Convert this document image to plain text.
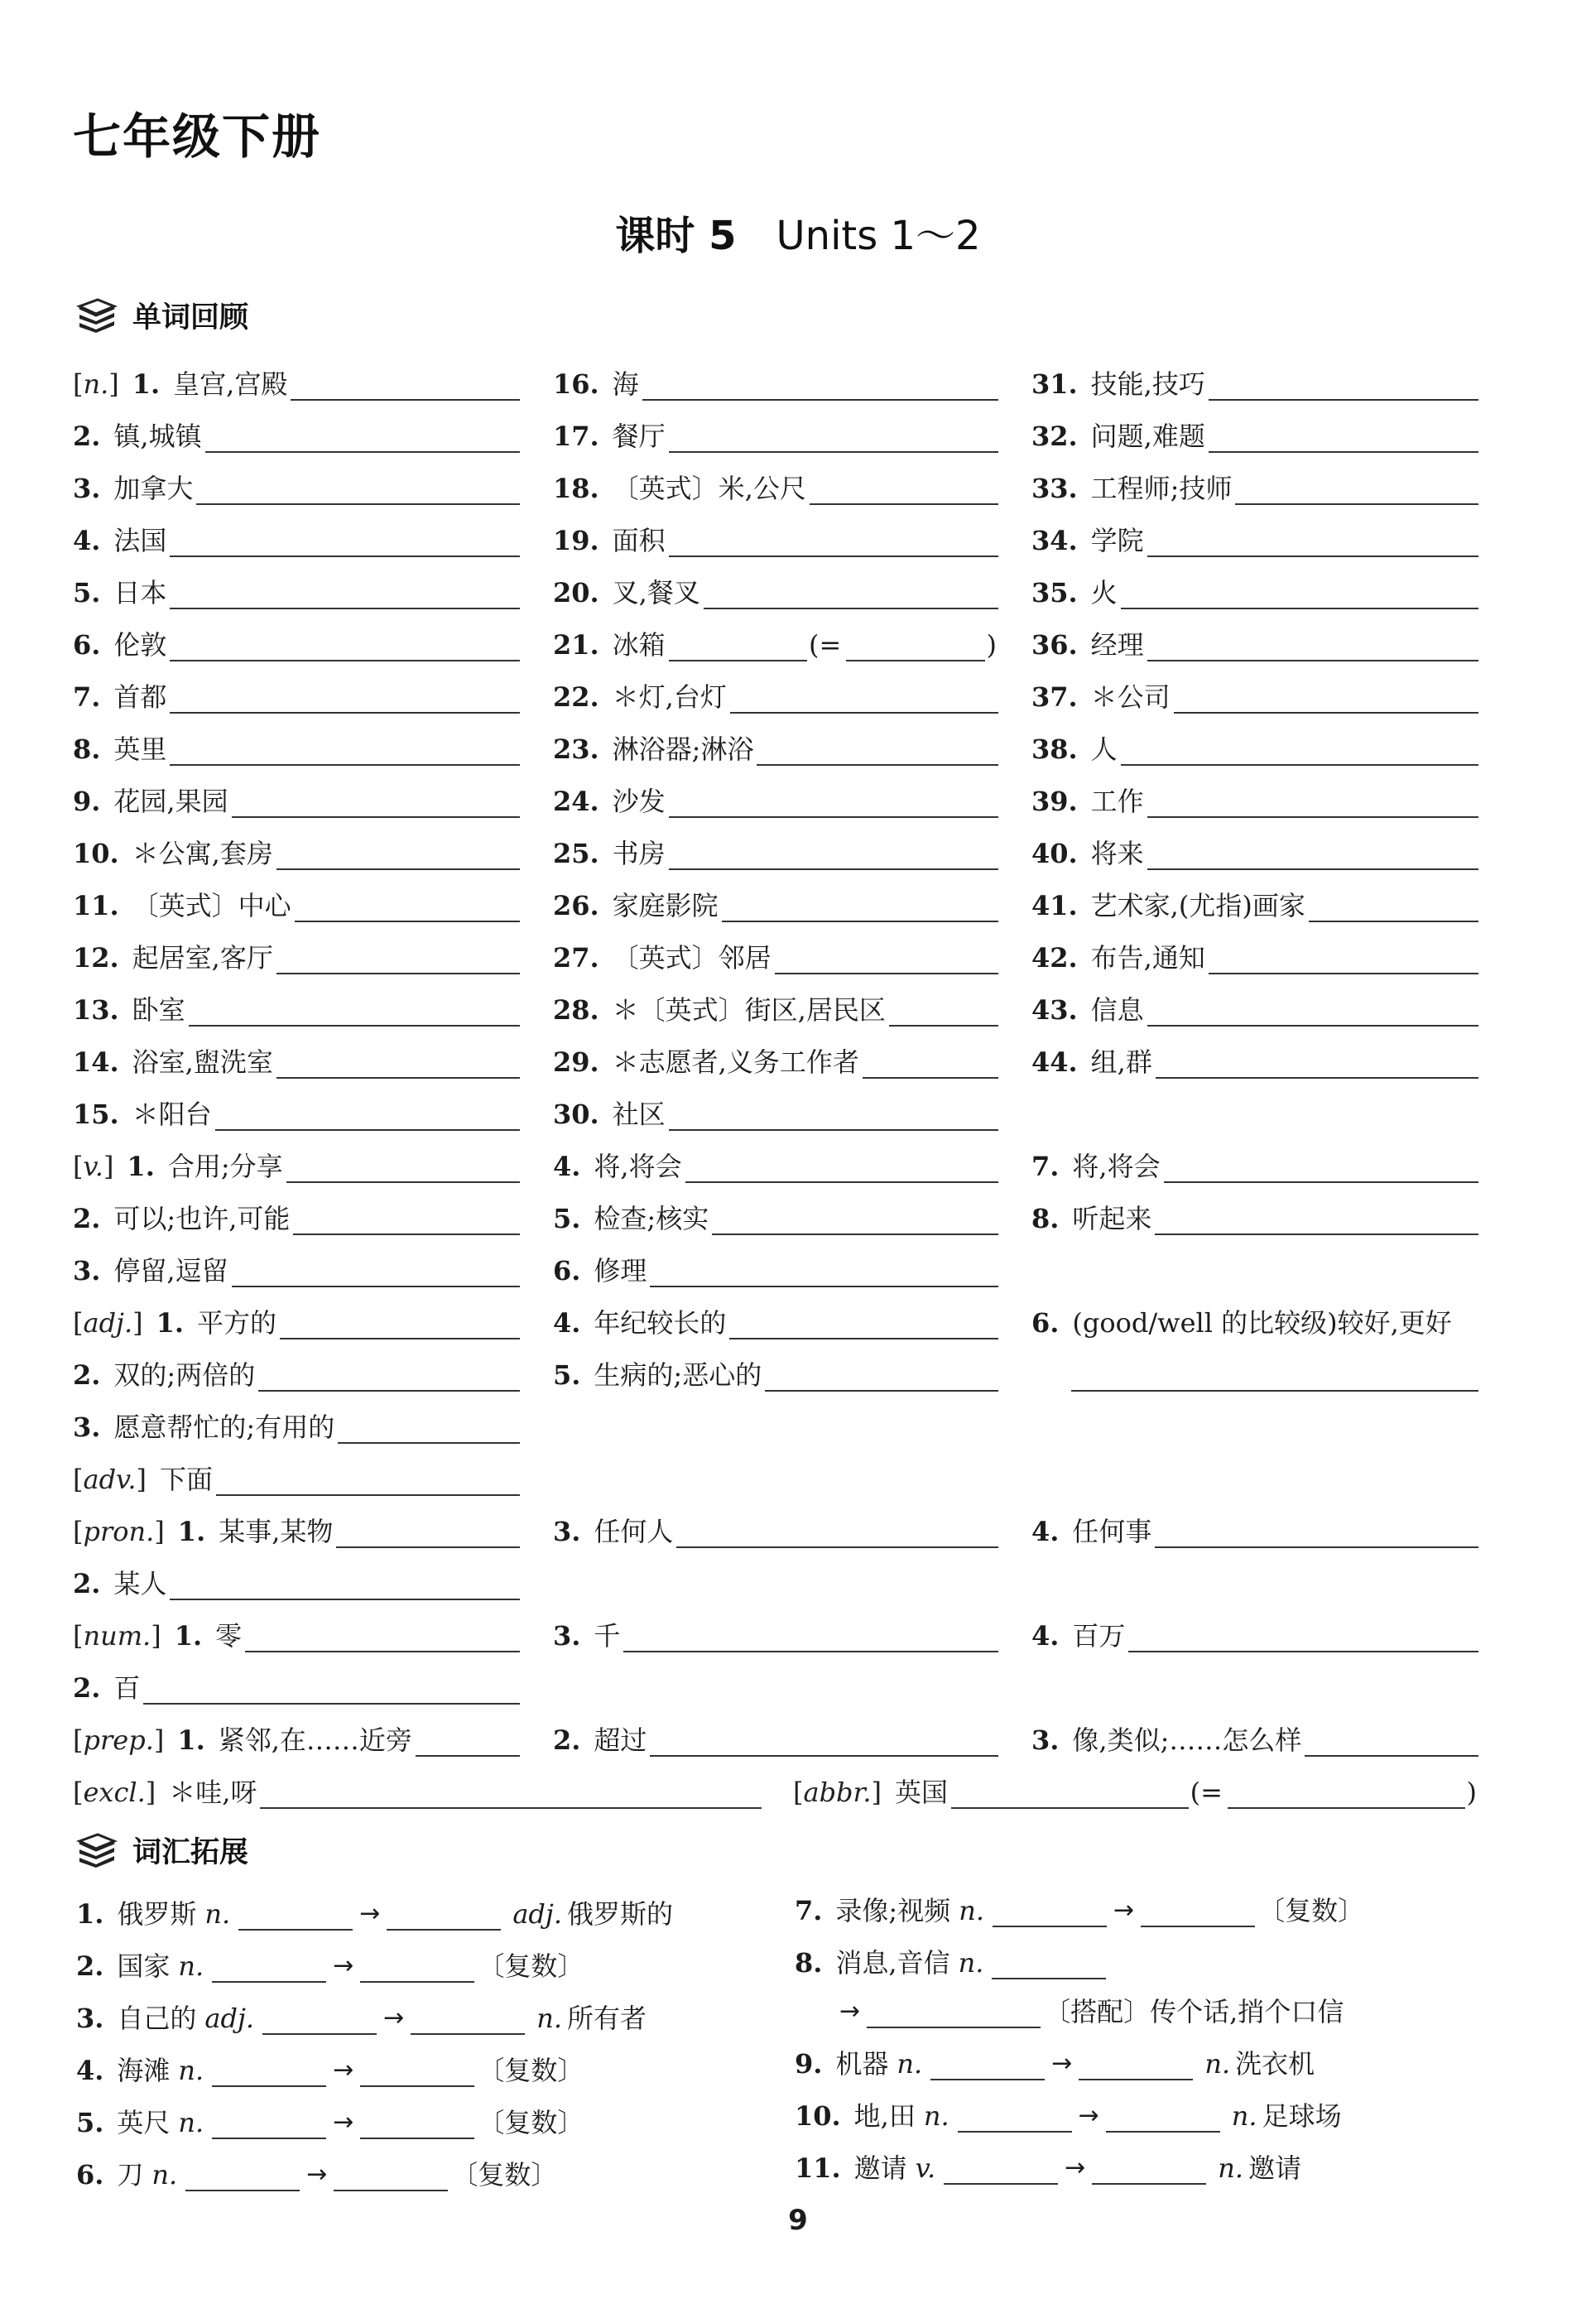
七年级下册
课时 5 Units 1～2
单词回顾
[n.] 1. 皇宫,宫殿
2. 镇,城镇
3. 加拿大
4. 法国
5. 日本
6. 伦敦
7. 首都
8. 英里
9. 花园,果园
10. ＊公寓,套房
11. 〔英式〕中心
12. 起居室,客厅
13. 卧室
14. 浴室,盥洗室
15. ＊阳台
16. 海
17. 餐厅
18. 〔英式〕米,公尺
19. 面积
20. 叉,餐叉
21. 冰箱	(=	)
22. ＊灯,台灯
23. 淋浴器;淋浴
24. 沙发
25. 书房
26. 家庭影院
27. 〔英式〕邻居
28. ＊〔英式〕街区,居民区
29. ＊志愿者,义务工作者
30. 社区
31. 技能,技巧
32. 问题,难题
33. 工程师;技师
34. 学院
35. 火
36. 经理
37. ＊公司
38. 人
39. 工作
40. 将来
41. 艺术家,(尤指)画家
42. 布告,通知
43. 信息
44. 组,群
[v.] 1. 合用;分享
2. 可以;也许,可能
3. 停留,逗留
4. 将,将会
5. 检查;核实
6. 修理
7. 将,将会
8. 听起来
[adj.] 1. 平方的
2. 双的;两倍的
3. 愿意帮忙的;有用的
4. 年纪较长的
5. 生病的;恶心的
6. (good/well 的比较级)较好,更好
[adv.] 下面
[pron.] 1. 某事,某物
2. 某人
3. 任何人	4. 任何事
[num.] 1. 零
2. 百
3. 千	4. 百万
[prep.] 1. 紧邻,在……近旁	2. 超过	3. 像,类似;……怎么样
[excl.] ＊哇,呀	[abbr.] 英国	(=	)
词汇拓展
1. 俄罗斯 n.	→	adj. 俄罗斯的
2. 国家 n.	→	〔复数〕
3. 自己的 adj.	→	n. 所有者
4. 海滩 n.	→	〔复数〕
5. 英尺 n.	→	〔复数〕
6. 刀 n.	→	〔复数〕
7. 录像;视频 n.	→	〔复数〕
8. 消息,音信 n.
→	〔搭配〕传个话,捎个口信
9. 机器 n.	→	n. 洗衣机
10. 地,田 n.	→	n. 足球场
11. 邀请 v.	→	n. 邀请
9
